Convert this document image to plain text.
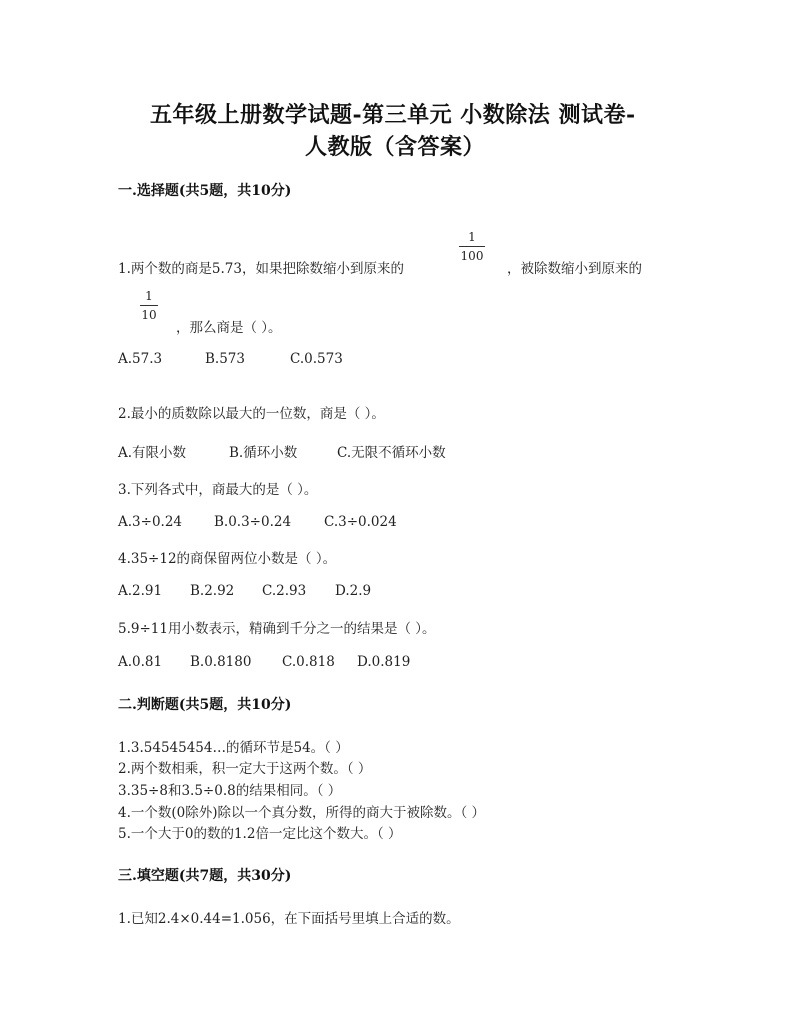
五年级上册数学试题-第三单元 小数除法 测试卷-
人教版（含答案）
一.选择题(共5题，共10分)
1.两个数的商是5.73，如果把除数缩小到原来的
1
100
，被除数缩小到原来的
1
10
，那么商是（ ）。
A.57.3	B.573	C.0.573
2.最小的质数除以最大的一位数，商是（ ）。
A.有限小数	B.循环小数	C.无限不循环小数
3.下列各式中，商最大的是（ ）。
A.3÷0.24 B.0.3÷0.24 C.3÷0.024
4.35÷12的商保留两位小数是（ ）。
A.2.91 B.2.92 C.2.93 D.2.9
5.9÷11用小数表示，精确到千分之一的结果是（ ）。
A.0.81 B.0.8180 C.0.818 D.0.819
二.判断题(共5题，共10分)
1.3.54545454…的循环节是54。（ ）
2.两个数相乘，积一定大于这两个数。（ ）
3.35÷8和3.5÷0.8的结果相同。（ ）
4.一个数(0除外)除以一个真分数，所得的商大于被除数。（ ）
5.一个大于0的数的1.2倍一定比这个数大。（ ）
三.填空题(共7题，共30分)
1.已知2.4×0.44=1.056，在下面括号里填上合适的数。
